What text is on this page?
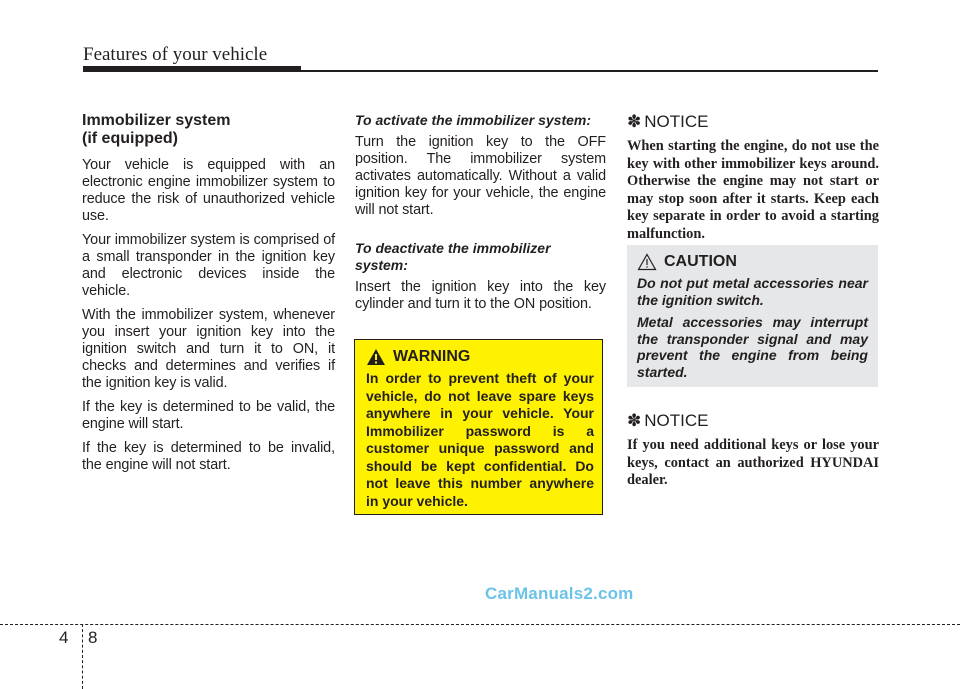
Features of your vehicle
Immobilizer system
(if equipped)

Your vehicle is equipped with an electronic engine immobilizer system to reduce the risk of unauthorized vehicle use.

Your immobilizer system is comprised of a small transponder in the ignition key and electronic devices inside the vehicle.

With the immobilizer system, whenever you insert your ignition key into the ignition switch and turn it to ON, it checks and determines and verifies if the ignition key is valid.

If the key is determined to be valid, the engine will start.

If the key is determined to be invalid, the engine will not start.

To activate the immobilizer system:

Turn the ignition key to the OFF position. The immobilizer system activates automatically. Without a valid ignition key for your vehicle, the engine will not start.

To deactivate the immobilizer system:

Insert the ignition key into the key cylinder and turn it to the ON position.

WARNING

In order to prevent theft of your vehicle, do not leave spare keys anywhere in your vehicle. Your Immobilizer password is a customer unique password and should be kept confidential. Do not leave this number anywhere in your vehicle.

✽ NOTICE

When starting the engine, do not use the key with other immobilizer keys around. Otherwise the engine may not start or may stop soon after it starts. Keep each key separate in order to avoid a starting malfunction.

CAUTION

Do not put metal accessories near the ignition switch.

Metal accessories may interrupt the transponder signal and may prevent the engine from being started.

✽ NOTICE

If you need additional keys or lose your keys, contact an authorized HYUNDAI dealer.

CarManuals2.com
4 8
